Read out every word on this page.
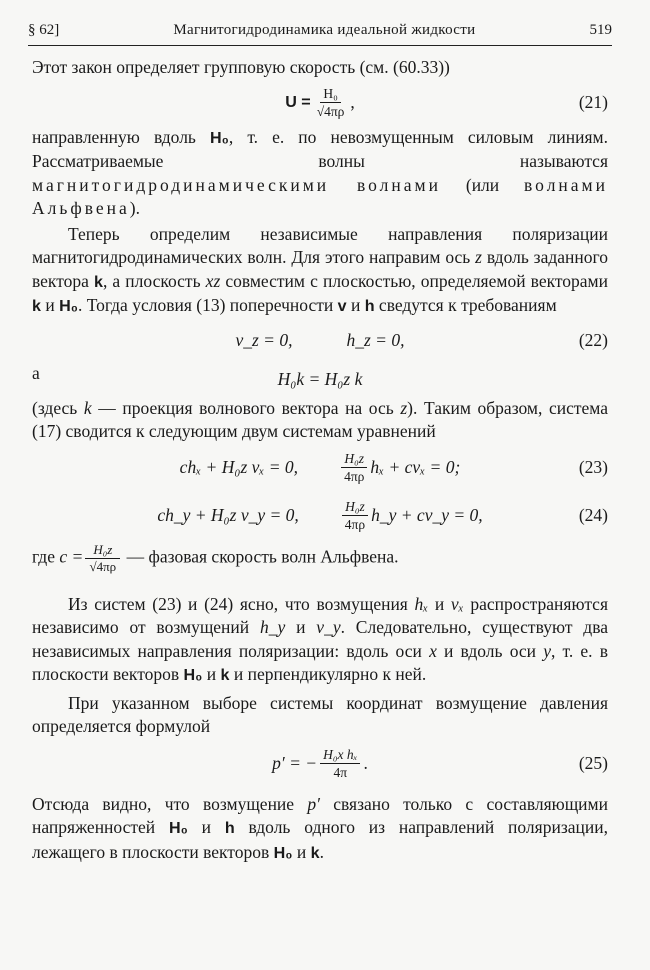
§ 62]	Магнитогидродинамика идеальной жидкости	519

Этот закон определяет групповую скорость (см. (60.33))

$U = \frac{\text{H₀}}{√4\pi\rho}$ ,	(21)

направленную вдоль H₀, т. е. по невозмущенным силовым линиям. Рассматриваемые волны называются магнитогидродинамическими волнами (или волнами Альфвена).

Теперь определим независимые направления поляризации магнитогидродинамических волн. Для этого направим ось z вдоль заданного вектора k, а плоскость xz совместим с плоскостью, определяемой векторами k и H₀. Тогда условия (13) поперечности v и h сведутся к требованиям

v_z = 0,	h_z = 0,	(22)
а	H₀k = H₀z k

(здесь k — проекция волнового вектора на ось z). Таким образом, система (17) сводится к следующим двум системам уравнений

chₓ + H₀z vₓ = 0,	$\frac{\text{H₀z}}{4\pi\rho}$ hₓ + cvₓ = 0;	(23)
ch_y + H₀z v_y = 0,	$\frac{\text{H₀z}}{4\pi\rho}$ h_y + cv_y = 0,	(24)

где $c = \frac{\text{H₀z}}{√4\pi\rho}$ — фазовая скорость волн Альфвена.

Из систем (23) и (24) ясно, что возмущения hₓ и vₓ распространяются независимо от возмущений h_y и v_y. Следовательно, существуют два независимых направления поляризации: вдоль оси x и вдоль оси y, т. е. в плоскости векторов H₀ и k и перпендикулярно к ней.

При указанном выборе системы координат возмущение давления определяется формулой

p′ = − $\frac{\text{H₀x hₓ}}{4\pi}$ .	(25)

Отсюда видно, что возмущение p′ связано только с составляющими напряженностей H₀ и h вдоль одного из направлений поляризации, лежащего в плоскости векторов H₀ и k.
